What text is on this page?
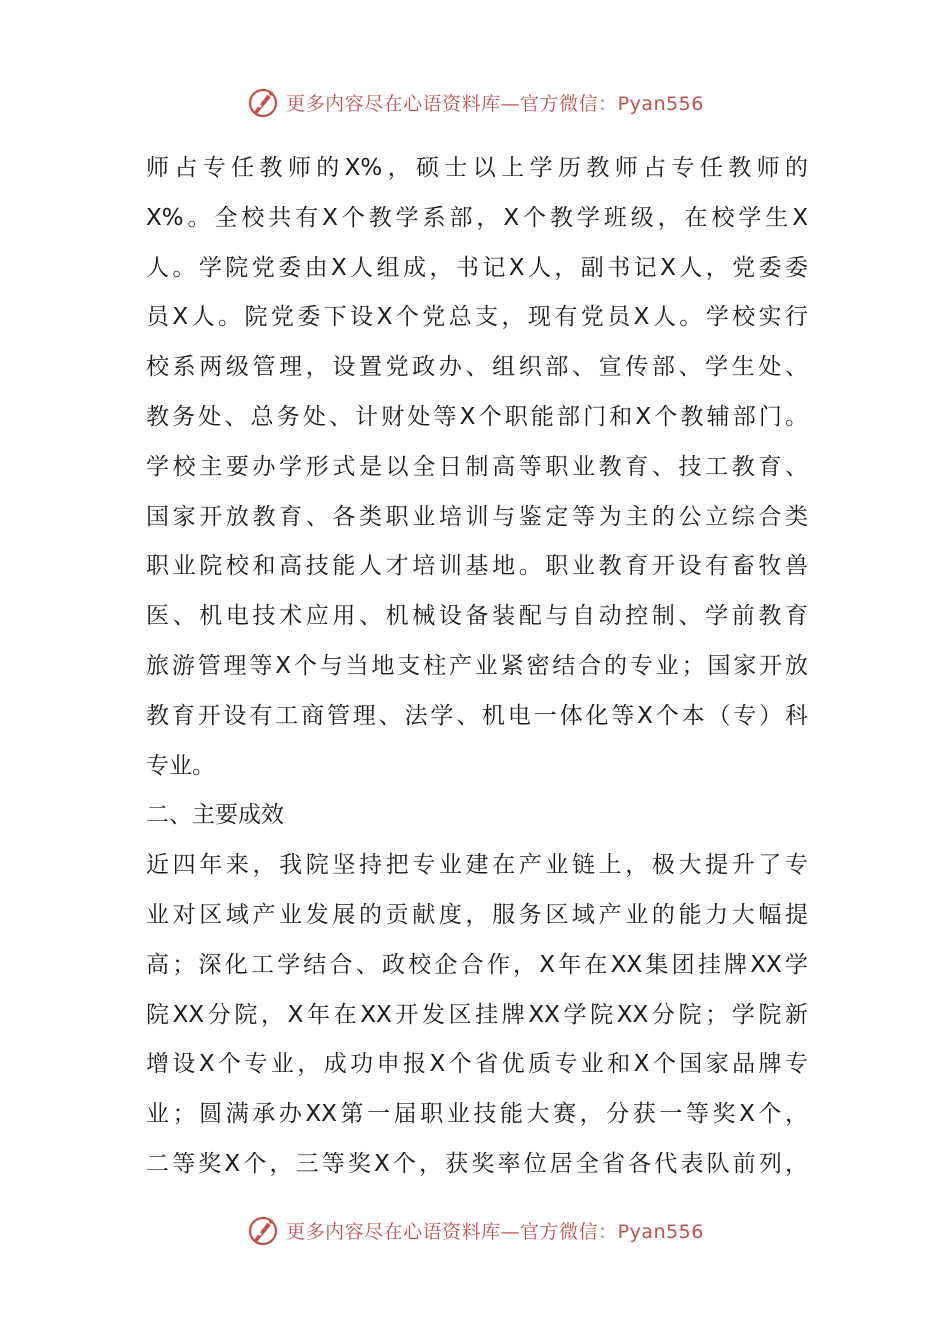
更多内容尽在心语资料库—官方微信：Pyan556
师占专任教师的X%，硕士以上学历教师占专任教师的
X%。全校共有X个教学系部，X个教学班级，在校学生X
人。学院党委由X人组成，书记X人，副书记X人，党委委
员X人。院党委下设X个党总支，现有党员X人。学校实行
校系两级管理，设置党政办、组织部、宣传部、学生处、
教务处、总务处、计财处等X个职能部门和X个教辅部门。
学校主要办学形式是以全日制高等职业教育、技工教育、
国家开放教育、各类职业培训与鉴定等为主的公立综合类
职业院校和高技能人才培训基地。职业教育开设有畜牧兽
医、机电技术应用、机械设备装配与自动控制、学前教育
旅游管理等X个与当地支柱产业紧密结合的专业；国家开放
教育开设有工商管理、法学、机电一体化等X个本（专）科
专业。
二、主要成效
近四年来，我院坚持把专业建在产业链上，极大提升了专
业对区域产业发展的贡献度，服务区域产业的能力大幅提
高；深化工学结合、政校企合作，X年在XX集团挂牌XX学
院XX分院，X年在XX开发区挂牌XX学院XX分院；学院新
增设X个专业，成功申报X个省优质专业和X个国家品牌专
业；圆满承办XX第一届职业技能大赛，分获一等奖X个，
二等奖X个，三等奖X个，获奖率位居全省各代表队前列，
更多内容尽在心语资料库—官方微信：Pyan556
